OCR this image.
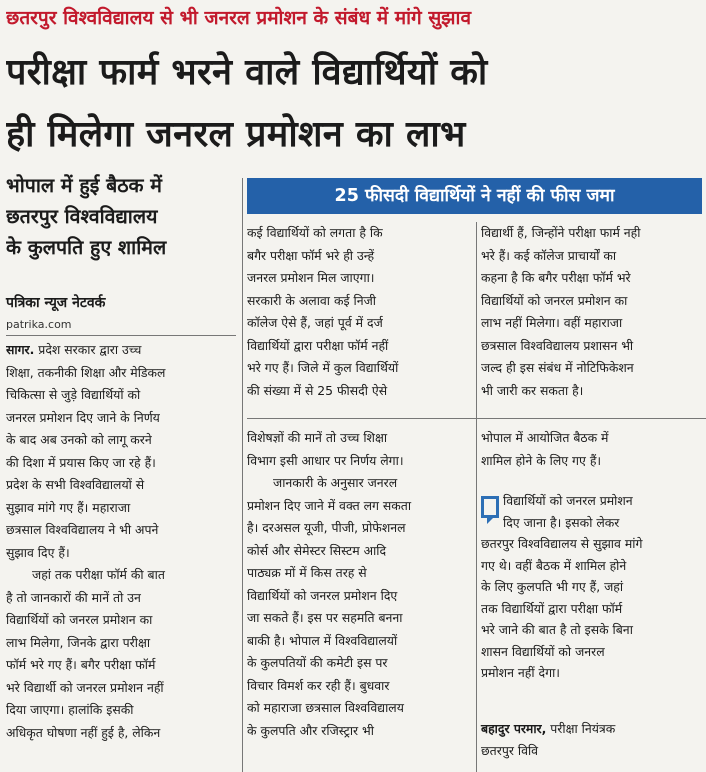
छतरपुर विश्वविद्यालय से भी जनरल प्रमोशन के संबंध में मांगे सुझाव
परीक्षा फार्म भरने वाले विद्यार्थियों को
ही मिलेगा जनरल प्रमोशन का लाभ
भोपाल में हुई बैठक में
छतरपुर विश्वविद्यालय
के कुलपति हुए शामिल
25 फीसदी विद्यार्थियों ने नहीं की फीस जमा
पत्रिका न्यूज नेटवर्क
patrika.com
सागर. प्रदेश सरकार द्वारा उच्च
शिक्षा, तकनीकी शिक्षा और मेडिकल
चिकित्सा से जुड़े विद्यार्थियों को
जनरल प्रमोशन दिए जाने के निर्णय
के बाद अब उनको को लागू करने
की दिशा में प्रयास किए जा रहे हैं।
प्रदेश के सभी विश्वविद्यालयों से
सुझाव मांगे गए हैं। महाराजा
छत्रसाल विश्वविद्यालय ने भी अपने
सुझाव दिए हैं।
जहां तक परीक्षा फॉर्म की बात
है तो जानकारों की मानें तो उन
विद्यार्थियों को जनरल प्रमोशन का
लाभ मिलेगा, जिनके द्वारा परीक्षा
फॉर्म भरे गए हैं। बगैर परीक्षा फॉर्म
भरे विद्यार्थी को जनरल प्रमोशन नहीं
दिया जाएगा। हालांकि इसकी
अधिकृत घोषणा नहीं हुई है, लेकिन
कई विद्यार्थियों को लगता है कि
बगैर परीक्षा फॉर्म भरे ही उन्हें
जनरल प्रमोशन मिल जाएगा।
सरकारी के अलावा कई निजी
कॉलेज ऐसे हैं, जहां पूर्व में दर्ज
विद्यार्थियों द्वारा परीक्षा फॉर्म नहीं
भरे गए हैं। जिले में कुल विद्यार्थियों
की संख्या में से 25 फीसदी ऐसे
विद्यार्थी हैं, जिन्होंने परीक्षा फार्म नही
भरे हैं। कई कॉलेज प्राचार्यों का
कहना है कि बगैर परीक्षा फॉर्म भरे
विद्यार्थियों को जनरल प्रमोशन का
लाभ नहीं मिलेगा। वहीं महाराजा
छत्रसाल विश्वविद्यालय प्रशासन भी
जल्द ही इस संबंध में नोटिफिकेशन
भी जारी कर सकता है।
विशेषज्ञों की मानें तो उच्च शिक्षा
विभाग इसी आधार पर निर्णय लेगा।
जानकारी के अनुसार जनरल
प्रमोशन दिए जाने में वक्त लग सकता
है। दरअसल यूजी, पीजी, प्रोफेशनल
कोर्स और सेमेस्टर सिस्टम आदि
पाठ्यक्र मों में किस तरह से
विद्यार्थियों को जनरल प्रमोशन दिए
जा सकते हैं। इस पर सहमति बनना
बाकी है। भोपाल में विश्वविद्यालयों
के कुलपतियों की कमेटी इस पर
विचार विमर्श कर रही हैं। बुधवार
को महाराजा छत्रसाल विश्वविद्यालय
के कुलपति और रजिस्ट्रार भी
भोपाल में आयोजित बैठक में
शामिल होने के लिए गए हैं।
विद्यार्थियों को जनरल प्रमोशन
दिए जाना है। इसको लेकर
छतरपुर विश्वविद्यालय से सुझाव मांगे
गए थे। वहीं बैठक में शामिल होने
के लिए कुलपति भी गए हैं, जहां
तक विद्यार्थियों द्वारा परीक्षा फॉर्म
भरे जाने की बात है तो इसके बिना
शासन विद्यार्थियों को जनरल
प्रमोशन नहीं देगा।
बहादुर परमार, परीक्षा नियंत्रक
छतरपुर विवि
